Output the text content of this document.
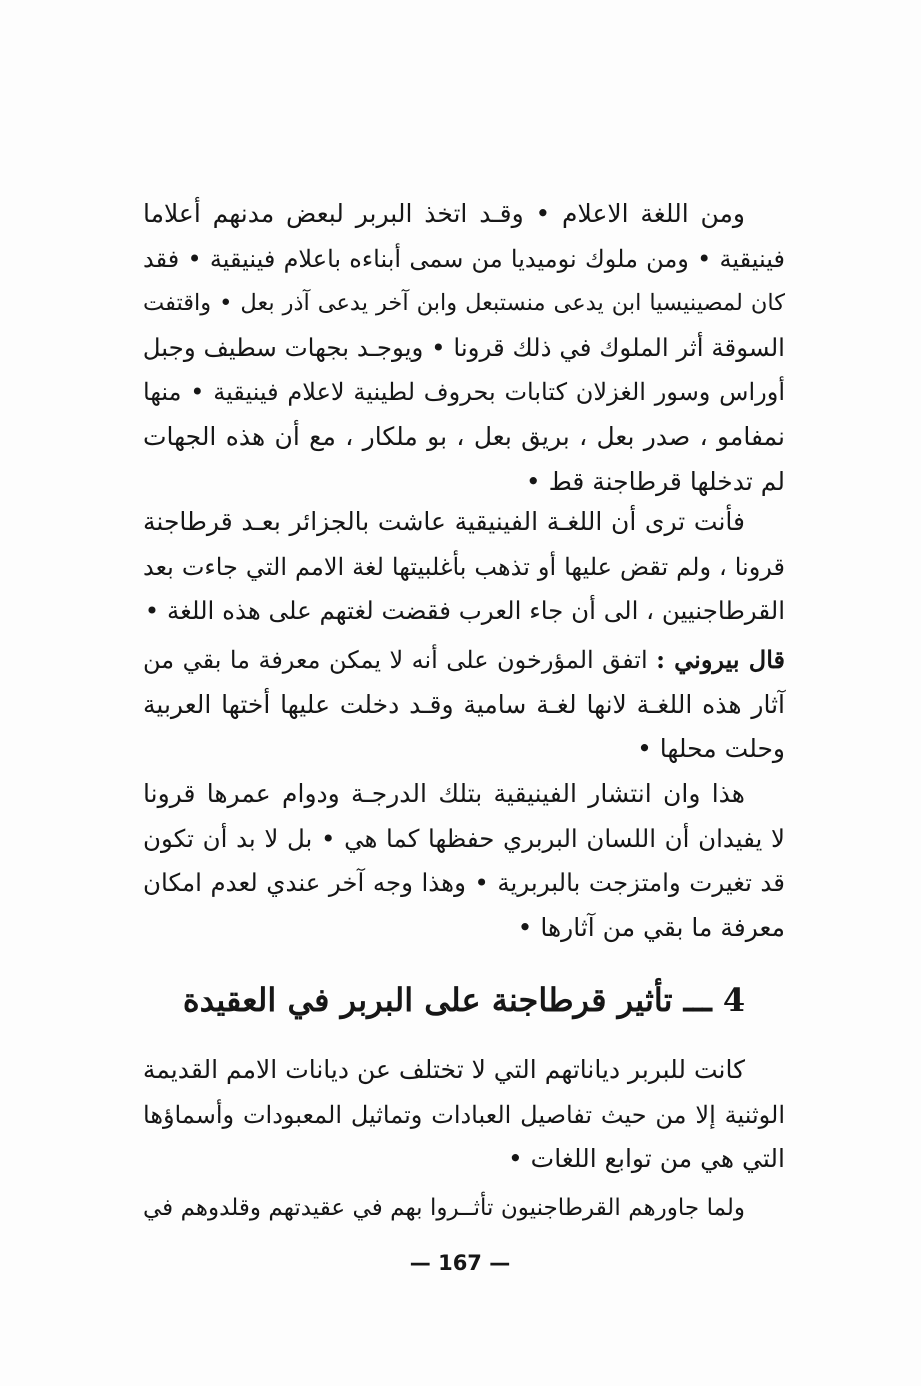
ومن اللغة الاعلام • وقـد اتخذ البربر لبعض مدنهم أعلاما
فينيقية • ومن ملوك نوميديا من سمى أبناءه باعلام فينيقية • فقد
كان لمصينيسيا ابن يدعى منستبعل وابن آخر يدعى آذر بعل • واقتفت
السوقة أثر الملوك في ذلك قرونا • ويوجـد بجهات سطيف وجبل
أوراس وسور الغزلان كتابات بحروف لطينية لاعلام فينيقية • منها
نمفامو ، صدر بعل ، بريق بعل ، بو ملكار ، مع أن هذه الجهات
لم تدخلها قرطاجنة قط •

فأنت ترى أن اللغـة الفينيقية عاشت بالجزائر بعـد قرطاجنة
قرونا ، ولم تقض عليها أو تذهب بأغلبيتها لغة الامم التي جاءت بعد
القرطاجنيين ، الى أن جاء العرب فقضت لغتهم على هذه اللغة •

قال بيروني : اتفق المؤرخون على أنه لا يمكن معرفة ما بقي من
آثار هذه اللغـة لانها لغـة سامية وقـد دخلت عليها أختها العربية
وحلت محلها •

هذا وان انتشار الفينيقية بتلك الدرجـة ودوام عمرها قرونا
لا يفيدان أن اللسان البربري حفظها كما هي • بل لا بد أن تكون
قد تغيرت وامتزجت بالبربرية • وهذا وجه آخر عندي لعدم امكان
معرفة ما بقي من آثارها •

4 ـــ تأثير قرطاجنة على البربر في العقيدة

كانت للبربر دياناتهم التي لا تختلف عن ديانات الامم القديمة
الوثنية إلا من حيث تفاصيل العبادات وتماثيل المعبودات وأسماؤها
التي هي من توابع اللغات •

ولما جاورهم القرطاجنيون تأثــروا بهم في عقيدتهم وقلدوهم في

— 167 —
